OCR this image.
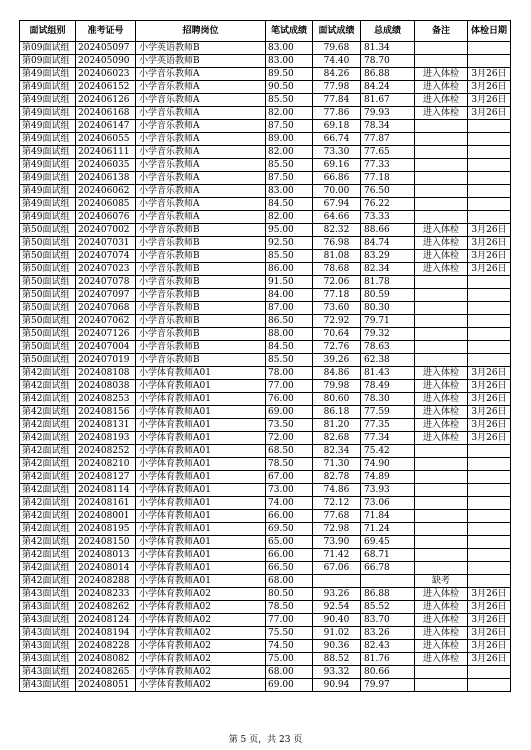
面试组别	准考证号	招聘岗位	笔试成绩	面试成绩	总成绩	备注	体检日期
第09面试组	202405097	小学英语教师B	83.00	79.68	81.34		
第09面试组	202405090	小学英语教师B	83.00	74.40	78.70		
第49面试组	202406023	小学音乐教师A	89.50	84.26	86.88	进入体检	3月26日
第49面试组	202406152	小学音乐教师A	90.50	77.98	84.24	进入体检	3月26日
第49面试组	202406126	小学音乐教师A	85.50	77.84	81.67	进入体检	3月26日
第49面试组	202406168	小学音乐教师A	82.00	77.86	79.93	进入体检	3月26日
第49面试组	202406147	小学音乐教师A	87.50	69.18	78.34		
第49面试组	202406055	小学音乐教师A	89.00	66.74	77.87		
第49面试组	202406111	小学音乐教师A	82.00	73.30	77.65		
第49面试组	202406035	小学音乐教师A	85.50	69.16	77.33		
第49面试组	202406138	小学音乐教师A	87.50	66.86	77.18		
第49面试组	202406062	小学音乐教师A	83.00	70.00	76.50		
第49面试组	202406085	小学音乐教师A	84.50	67.94	76.22		
第49面试组	202406076	小学音乐教师A	82.00	64.66	73.33		
第50面试组	202407002	小学音乐教师B	95.00	82.32	88.66	进入体检	3月26日
第50面试组	202407031	小学音乐教师B	92.50	76.98	84.74	进入体检	3月26日
第50面试组	202407074	小学音乐教师B	85.50	81.08	83.29	进入体检	3月26日
第50面试组	202407023	小学音乐教师B	86.00	78.68	82.34	进入体检	3月26日
第50面试组	202407078	小学音乐教师B	91.50	72.06	81.78		
第50面试组	202407097	小学音乐教师B	84.00	77.18	80.59		
第50面试组	202407068	小学音乐教师B	87.00	73.60	80.30		
第50面试组	202407062	小学音乐教师B	86.50	72.92	79.71		
第50面试组	202407126	小学音乐教师B	88.00	70.64	79.32		
第50面试组	202407004	小学音乐教师B	84.50	72.76	78.63		
第50面试组	202407019	小学音乐教师B	85.50	39.26	62.38		
第42面试组	202408108	小学体育教师A01	78.00	84.86	81.43	进入体检	3月26日
第42面试组	202408038	小学体育教师A01	77.00	79.98	78.49	进入体检	3月26日
第42面试组	202408253	小学体育教师A01	76.00	80.60	78.30	进入体检	3月26日
第42面试组	202408156	小学体育教师A01	69.00	86.18	77.59	进入体检	3月26日
第42面试组	202408131	小学体育教师A01	73.50	81.20	77.35	进入体检	3月26日
第42面试组	202408193	小学体育教师A01	72.00	82.68	77.34	进入体检	3月26日
第42面试组	202408252	小学体育教师A01	68.50	82.34	75.42		
第42面试组	202408210	小学体育教师A01	78.50	71.30	74.90		
第42面试组	202408127	小学体育教师A01	67.00	82.78	74.89		
第42面试组	202408114	小学体育教师A01	73.00	74.86	73.93		
第42面试组	202408161	小学体育教师A01	74.00	72.12	73.06		
第42面试组	202408001	小学体育教师A01	66.00	77.68	71.84		
第42面试组	202408195	小学体育教师A01	69.50	72.98	71.24		
第42面试组	202408150	小学体育教师A01	65.00	73.90	69.45		
第42面试组	202408013	小学体育教师A01	66.00	71.42	68.71		
第42面试组	202408014	小学体育教师A01	66.50	67.06	66.78		
第42面试组	202408288	小学体育教师A01	68.00			缺考	
第43面试组	202408233	小学体育教师A02	80.50	93.26	86.88	进入体检	3月26日
第43面试组	202408262	小学体育教师A02	78.50	92.54	85.52	进入体检	3月26日
第43面试组	202408124	小学体育教师A02	77.00	90.40	83.70	进入体检	3月26日
第43面试组	202408194	小学体育教师A02	75.50	91.02	83.26	进入体检	3月26日
第43面试组	202408228	小学体育教师A02	74.50	90.36	82.43	进入体检	3月26日
第43面试组	202408082	小学体育教师A02	75.00	88.52	81.76	进入体检	3月26日
第43面试组	202408265	小学体育教师A02	68.00	93.32	80.66		
第43面试组	202408051	小学体育教师A02	69.00	90.94	79.97		
第 5 页，共 23 页
